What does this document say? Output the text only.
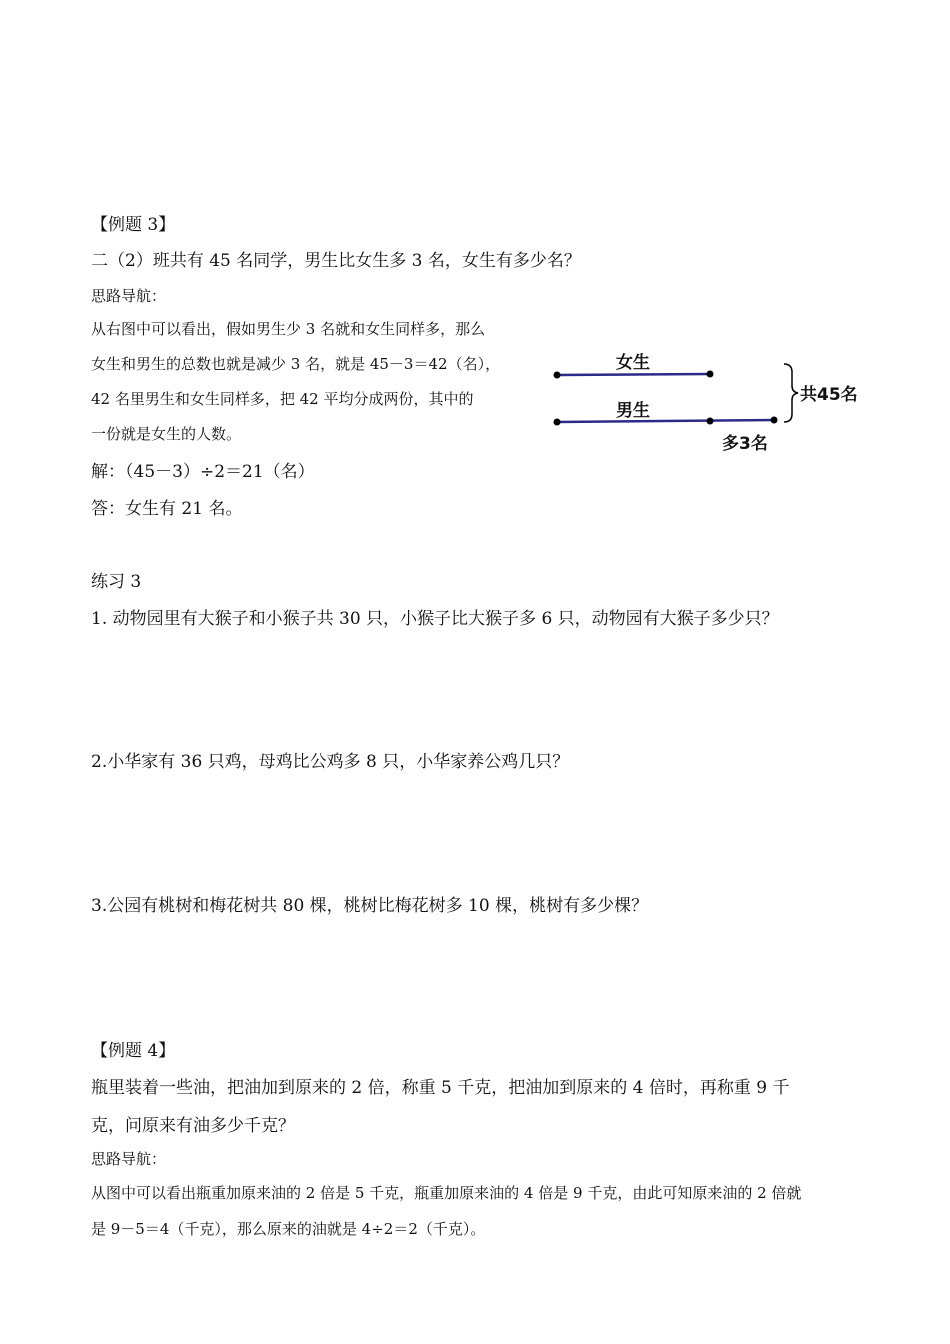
【例题 3】
二（2）班共有 45 名同学，男生比女生多 3 名，女生有多少名？
思路导航：
从右图中可以看出，假如男生少 3 名就和女生同样多，那么
女生和男生的总数也就是减少 3 名，就是 45－3＝42（名），
42 名里男生和女生同样多，把 42 平均分成两份，其中的
一份就是女生的人数。
解：（45－3）÷2＝21（名）
答：女生有 21 名。
女生
男生
共45名
多3名
练习 3
1. 动物园里有大猴子和小猴子共 30 只，小猴子比大猴子多 6 只，动物园有大猴子多少只？
2.小华家有 36 只鸡，母鸡比公鸡多 8 只，小华家养公鸡几只？
3.公园有桃树和梅花树共 80 棵，桃树比梅花树多 10 棵，桃树有多少棵？
【例题 4】
瓶里装着一些油，把油加到原来的 2 倍，称重 5 千克，把油加到原来的 4 倍时，再称重 9 千
克，问原来有油多少千克？
思路导航：
从图中可以看出瓶重加原来油的 2 倍是 5 千克，瓶重加原来油的 4 倍是 9 千克，由此可知原来油的 2 倍就
是 9－5＝4（千克），那么原来的油就是 4÷2＝2（千克）。
